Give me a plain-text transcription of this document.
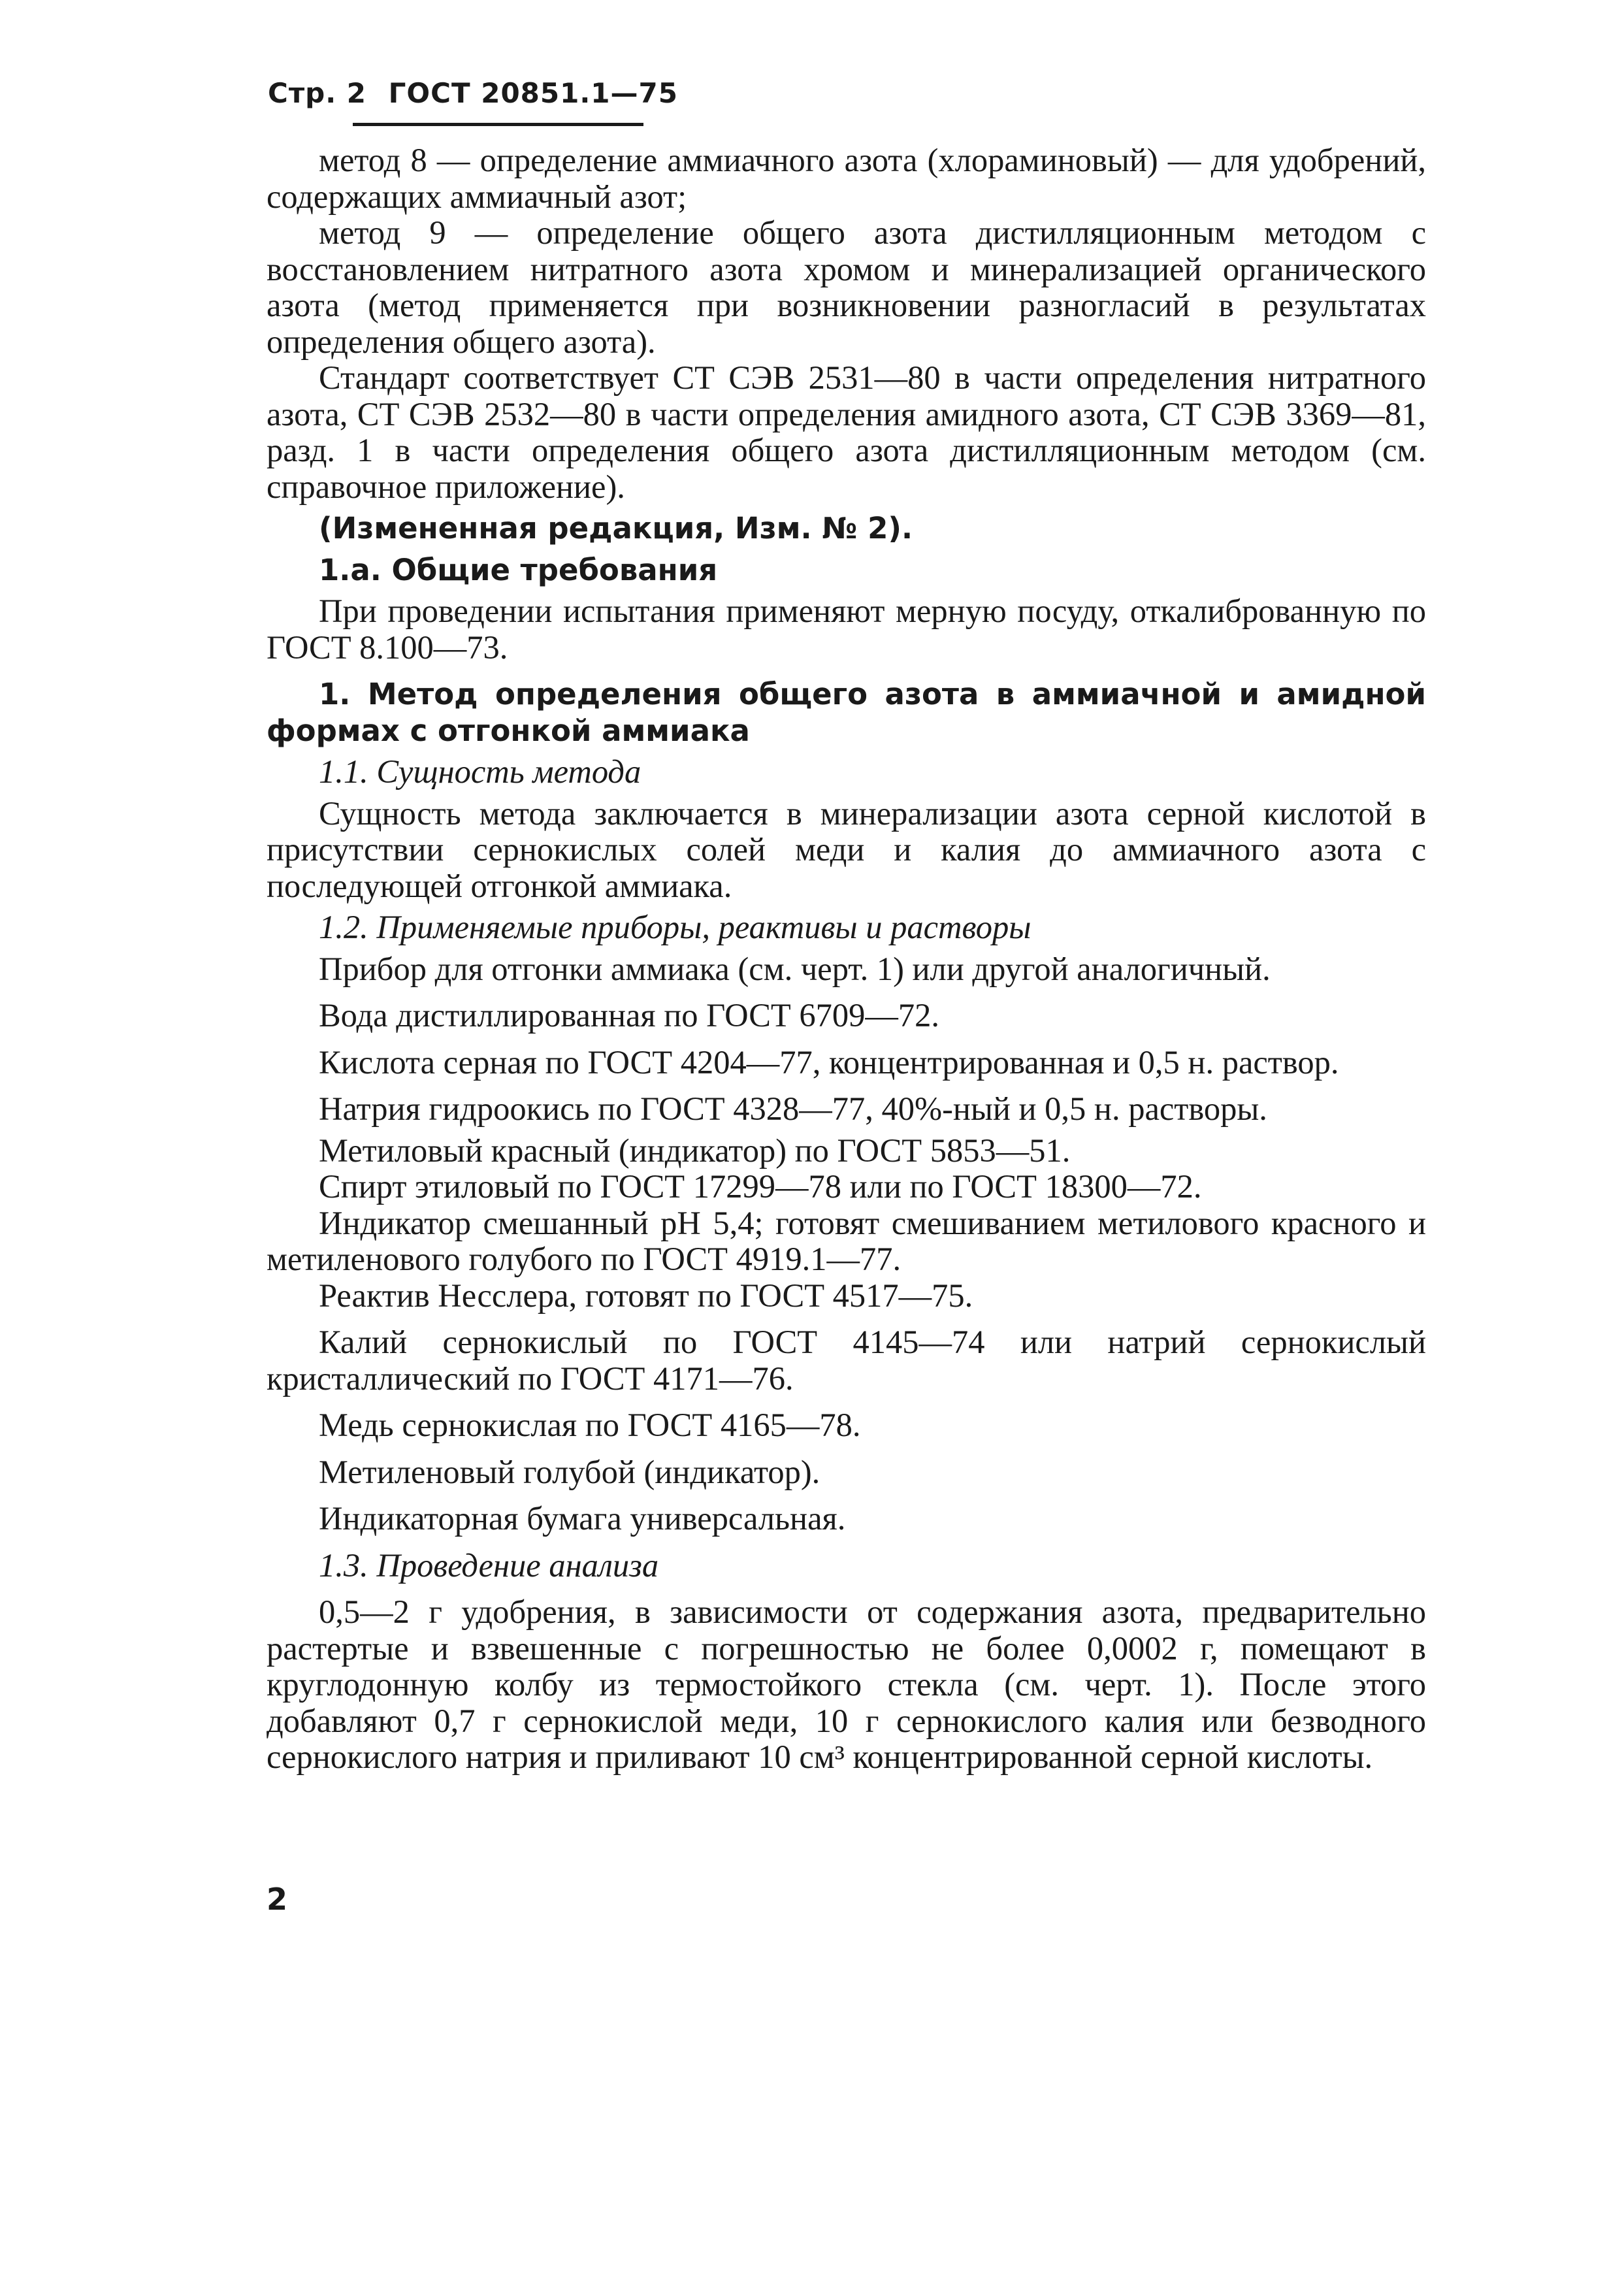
Стр. 2 ГОСТ 20851.1—75

метод 8 — определение аммиачного азота (хлораминовый) — для удобрений, содержащих аммиачный азот;

метод 9 — определение общего азота дистилляционным методом с восстановлением нитратного азота хромом и минерализацией органического азота (метод применяется при возникновении разногласий в результатах определения общего азота).

Стандарт соответствует СТ СЭВ 2531—80 в части определения нитратного азота, СТ СЭВ 2532—80 в части определения амидного азота, СТ СЭВ 3369—81, разд. 1 в части определения общего азота дистилляционным методом (см. справочное приложение).

(Измененная редакция, Изм. № 2).

1.а. Общие требования

При проведении испытания применяют мерную посуду, откалиброванную по ГОСТ 8.100—73.

1. Метод определения общего азота в аммиачной и амидной формах с отгонкой аммиака

1.1. Сущность метода

Сущность метода заключается в минерализации азота серной кислотой в присутствии сернокислых солей меди и калия до аммиачного азота с последующей отгонкой аммиака.

1.2. Применяемые приборы, реактивы и растворы

Прибор для отгонки аммиака (см. черт. 1) или другой аналогичный.

Вода дистиллированная по ГОСТ 6709—72.

Кислота серная по ГОСТ 4204—77, концентрированная и 0,5 н. раствор.

Натрия гидроокись по ГОСТ 4328—77, 40%-ный и 0,5 н. растворы.

Метиловый красный (индикатор) по ГОСТ 5853—51.

Спирт этиловый по ГОСТ 17299—78 или по ГОСТ 18300—72.

Индикатор смешанный pH 5,4; готовят смешиванием метилового красного и метиленового голубого по ГОСТ 4919.1—77.

Реактив Несслера, готовят по ГОСТ 4517—75.

Калий сернокислый по ГОСТ 4145—74 или натрий сернокислый кристаллический по ГОСТ 4171—76.

Медь сернокислая по ГОСТ 4165—78.

Метиленовый голубой (индикатор).

Индикаторная бумага универсальная.

1.3. Проведение анализа

0,5—2 г удобрения, в зависимости от содержания азота, предварительно растертые и взвешенные с погрешностью не более 0,0002 г, помещают в круглодонную колбу из термостойкого стекла (см. черт. 1). После этого добавляют 0,7 г сернокислой меди, 10 г сернокислого калия или безводного сернокислого натрия и приливают 10 см³ концентрированной серной кислоты.

2
